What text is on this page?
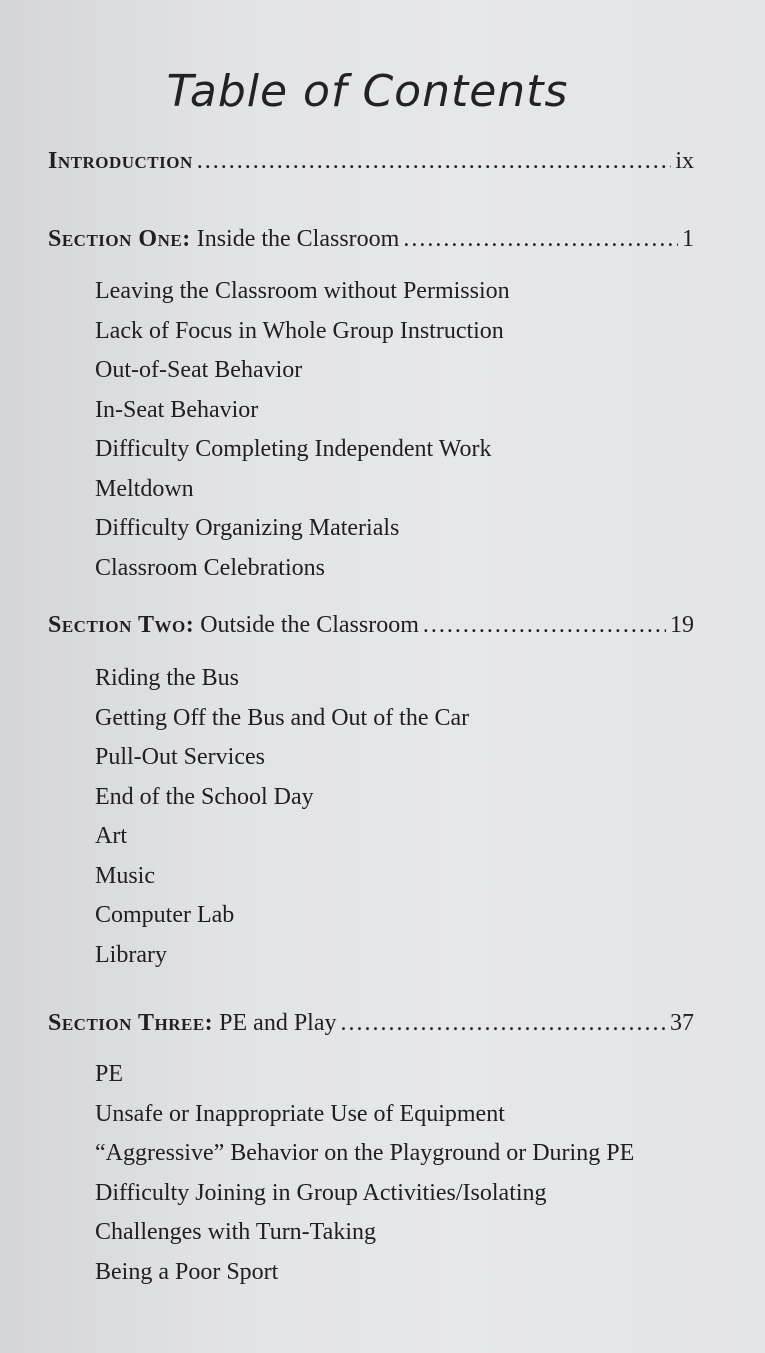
Table of Contents
Introduction . . .	ix
Section One: Inside the Classroom . . .	1
Leaving the Classroom without Permission
Lack of Focus in Whole Group Instruction
Out-of-Seat Behavior
In-Seat Behavior
Difficulty Completing Independent Work
Meltdown
Difficulty Organizing Materials
Classroom Celebrations
Section Two: Outside the Classroom . . .	19
Riding the Bus
Getting Off the Bus and Out of the Car
Pull-Out Services
End of the School Day
Art
Music
Computer Lab
Library
Section Three: PE and Play . . .	37
PE
Unsafe or Inappropriate Use of Equipment
“Aggressive” Behavior on the Playground or During PE
Difficulty Joining in Group Activities/Isolating
Challenges with Turn-Taking
Being a Poor Sport
